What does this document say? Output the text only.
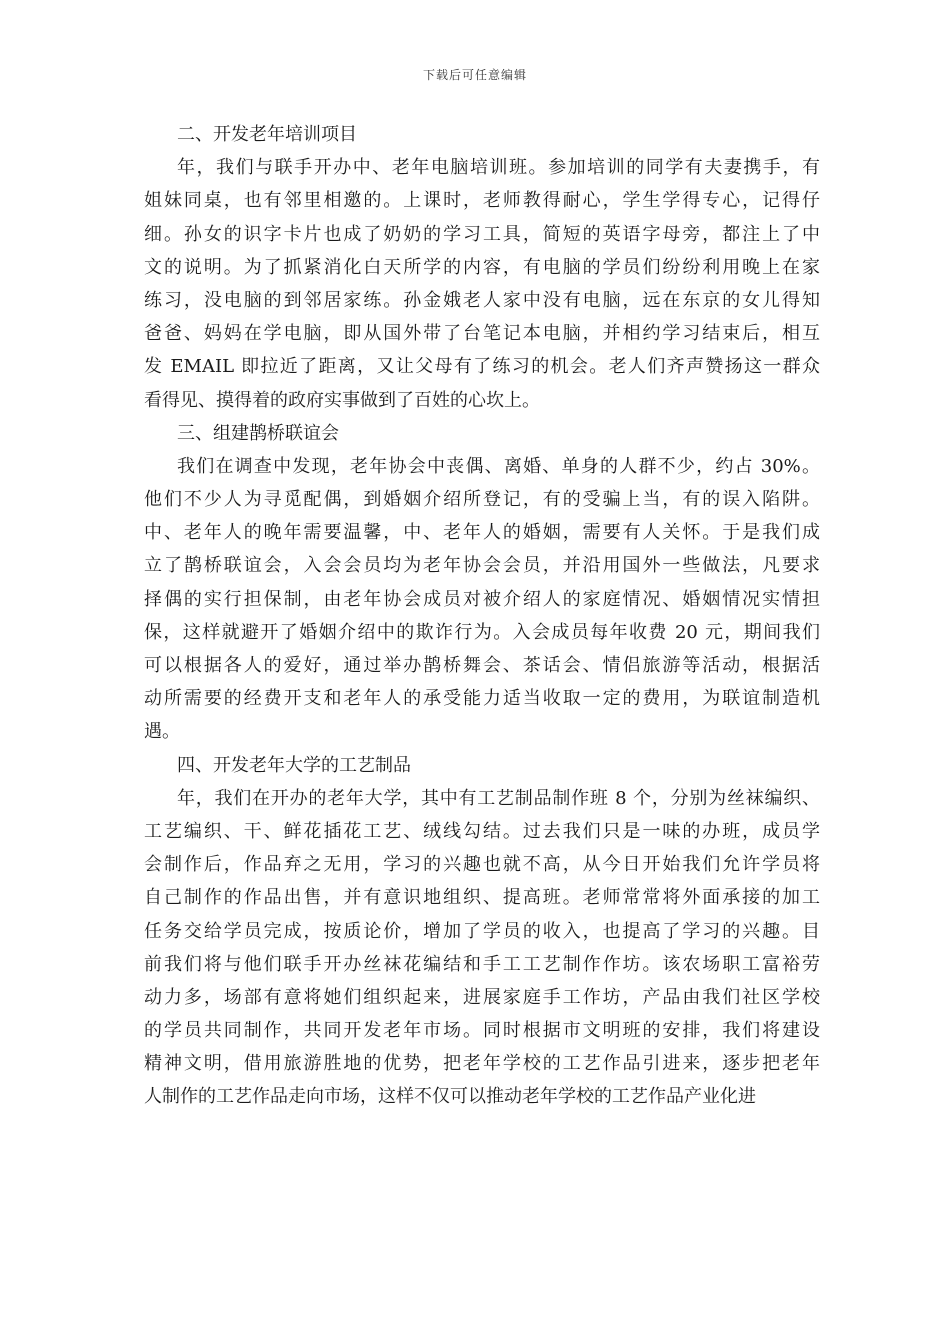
下载后可任意编辑
二、开发老年培训项目
年，我们与联手开办中、老年电脑培训班。参加培训的同学有夫妻携手，有
姐妹同桌，也有邻里相邀的。上课时，老师教得耐心，学生学得专心，记得仔
细。孙女的识字卡片也成了奶奶的学习工具，简短的英语字母旁，都注上了中
文的说明。为了抓紧消化白天所学的内容，有电脑的学员们纷纷利用晚上在家
练习，没电脑的到邻居家练。孙金娥老人家中没有电脑，远在东京的女儿得知
爸爸、妈妈在学电脑，即从国外带了台笔记本电脑，并相约学习结束后，相互
发 EMAIL 即拉近了距离，又让父母有了练习的机会。老人们齐声赞扬这一群众
看得见、摸得着的政府实事做到了百姓的心坎上。
三、组建鹊桥联谊会
我们在调查中发现，老年协会中丧偶、离婚、单身的人群不少，约占 30%。
他们不少人为寻觅配偶，到婚姻介绍所登记，有的受骗上当，有的误入陷阱。
中、老年人的晚年需要温馨，中、老年人的婚姻，需要有人关怀。于是我们成
立了鹊桥联谊会，入会会员均为老年协会会员，并沿用国外一些做法，凡要求
择偶的实行担保制，由老年协会成员对被介绍人的家庭情况、婚姻情况实情担
保，这样就避开了婚姻介绍中的欺诈行为。入会成员每年收费 20 元，期间我们
可以根据各人的爱好，通过举办鹊桥舞会、茶话会、情侣旅游等活动，根据活
动所需要的经费开支和老年人的承受能力适当收取一定的费用，为联谊制造机
遇。
四、开发老年大学的工艺制品
年，我们在开办的老年大学，其中有工艺制品制作班 8 个，分别为丝袜编织、
工艺编织、干、鲜花插花工艺、绒线勾结。过去我们只是一味的办班，成员学
会制作后，作品弃之无用，学习的兴趣也就不高，从今日开始我们允许学员将
自己制作的作品出售，并有意识地组织、提高班。老师常常将外面承接的加工
任务交给学员完成，按质论价，增加了学员的收入，也提高了学习的兴趣。目
前我们将与他们联手开办丝袜花编结和手工工艺制作作坊。该农场职工富裕劳
动力多，场部有意将她们组织起来，进展家庭手工作坊，产品由我们社区学校
的学员共同制作，共同开发老年市场。同时根据市文明班的安排，我们将建设
精神文明，借用旅游胜地的优势，把老年学校的工艺作品引进来，逐步把老年
人制作的工艺作品走向市场，这样不仅可以推动老年学校的工艺作品产业化进
